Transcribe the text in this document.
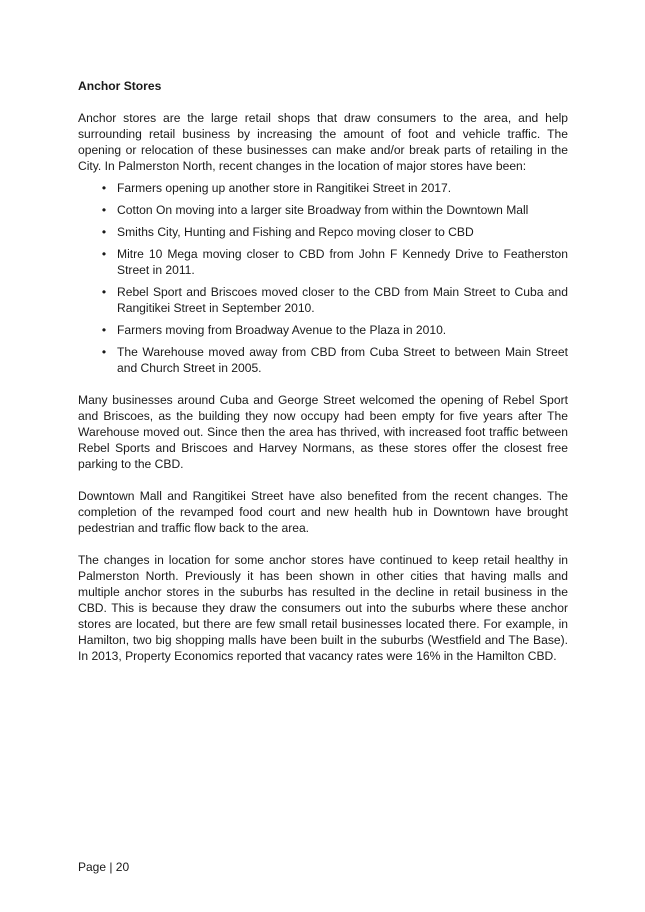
Anchor Stores

Anchor stores are the large retail shops that draw consumers to the area, and help surrounding retail business by increasing the amount of foot and vehicle traffic. The opening or relocation of these businesses can make and/or break parts of retailing in the City. In Palmerston North, recent changes in the location of major stores have been:

• Farmers opening up another store in Rangitikei Street in 2017.
• Cotton On moving into a larger site Broadway from within the Downtown Mall
• Smiths City, Hunting and Fishing and Repco moving closer to CBD
• Mitre 10 Mega moving closer to CBD from John F Kennedy Drive to Featherston Street in 2011.
• Rebel Sport and Briscoes moved closer to the CBD from Main Street to Cuba and Rangitikei Street in September 2010.
• Farmers moving from Broadway Avenue to the Plaza in 2010.
• The Warehouse moved away from CBD from Cuba Street to between Main Street and Church Street in 2005.

Many businesses around Cuba and George Street welcomed the opening of Rebel Sport and Briscoes, as the building they now occupy had been empty for five years after The Warehouse moved out. Since then the area has thrived, with increased foot traffic between Rebel Sports and Briscoes and Harvey Normans, as these stores offer the closest free parking to the CBD.

Downtown Mall and Rangitikei Street have also benefited from the recent changes. The completion of the revamped food court and new health hub in Downtown have brought pedestrian and traffic flow back to the area.

The changes in location for some anchor stores have continued to keep retail healthy in Palmerston North. Previously it has been shown in other cities that having malls and multiple anchor stores in the suburbs has resulted in the decline in retail business in the CBD. This is because they draw the consumers out into the suburbs where these anchor stores are located, but there are few small retail businesses located there. For example, in Hamilton, two big shopping malls have been built in the suburbs (Westfield and The Base). In 2013, Property Economics reported that vacancy rates were 16% in the Hamilton CBD.

Page | 20
